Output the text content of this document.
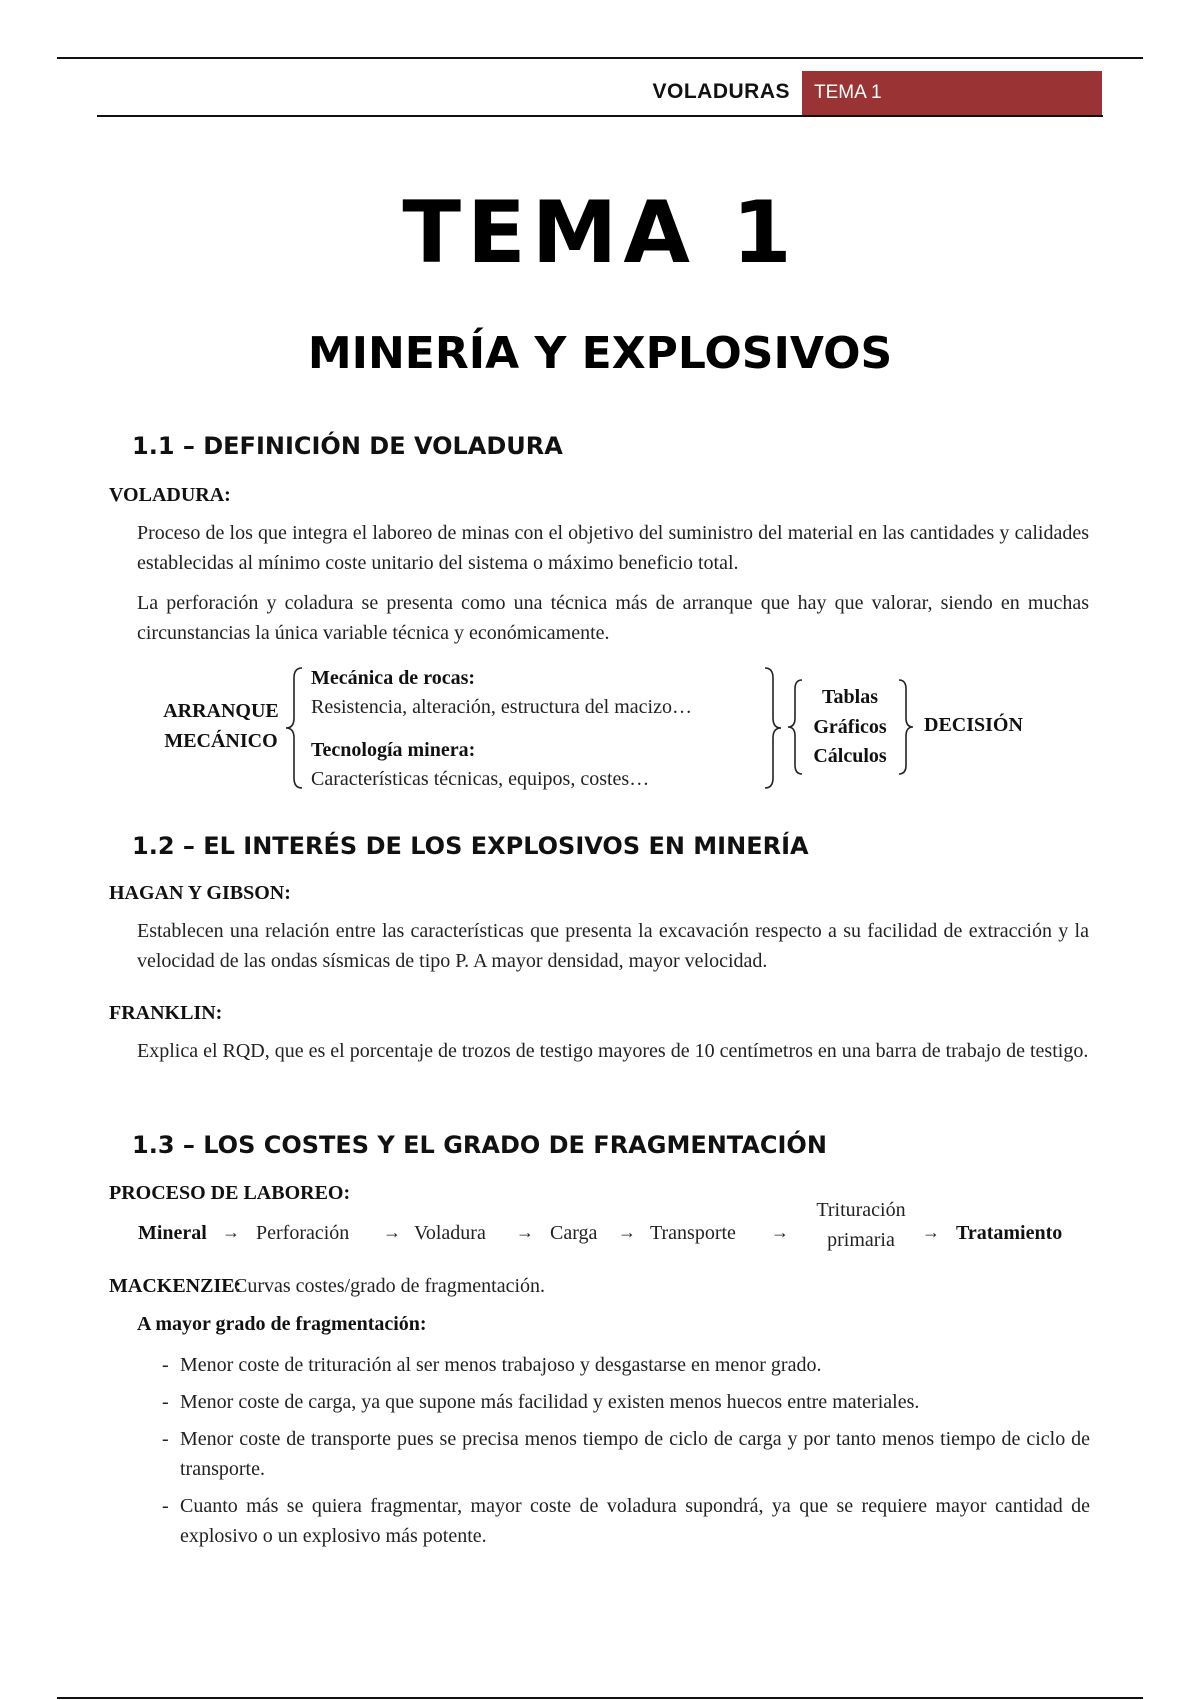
VOLADURAS	TEMA 1
TEMA 1
MINERÍA Y EXPLOSIVOS
1.1 – DEFINICIÓN DE VOLADURA
VOLADURA:

Proceso de los que integra el laboreo de minas con el objetivo del suministro del material en las cantidades y calidades establecidas al mínimo coste unitario del sistema o máximo beneficio total.

La perforación y coladura se presenta como una técnica más de arranque que hay que valorar, siendo en muchas circunstancias la única variable técnica y económicamente.

ARRANQUE
MECÁNICO
Mecánica de rocas:
Resistencia, alteración, estructura del macizo…
Tecnología minera:
Características técnicas, equipos, costes…
Tablas
Gráficos
Cálculos
DECISIÓN
1.2 – EL INTERÉS DE LOS EXPLOSIVOS EN MINERÍA
HAGAN Y GIBSON:

Establecen una relación entre las características que presenta la excavación respecto a su facilidad de extracción y la velocidad de las ondas sísmicas de tipo P. A mayor densidad, mayor velocidad.

FRANKLIN:

Explica el RQD, que es el porcentaje de trozos de testigo mayores de 10 centímetros en una barra de trabajo de testigo.

1.3 – LOS COSTES Y EL GRADO DE FRAGMENTACIÓN
PROCESO DE LABOREO:
Mineral → Perforación → Voladura → Carga → Transporte →
Trituración
primaria	→ Tratamiento
MACKENZIE:
Curvas costes/grado de fragmentación.
A mayor grado de fragmentación:
- Menor coste de trituración al ser menos trabajoso y desgastarse en menor grado.
- Menor coste de carga, ya que supone más facilidad y existen menos huecos entre materiales.
- Menor coste de transporte pues se precisa menos tiempo de ciclo de carga y por tanto menos tiempo de ciclo de transporte.
- Cuanto más se quiera fragmentar, mayor coste de voladura supondrá, ya que se requiere mayor cantidad de explosivo o un explosivo más potente.
